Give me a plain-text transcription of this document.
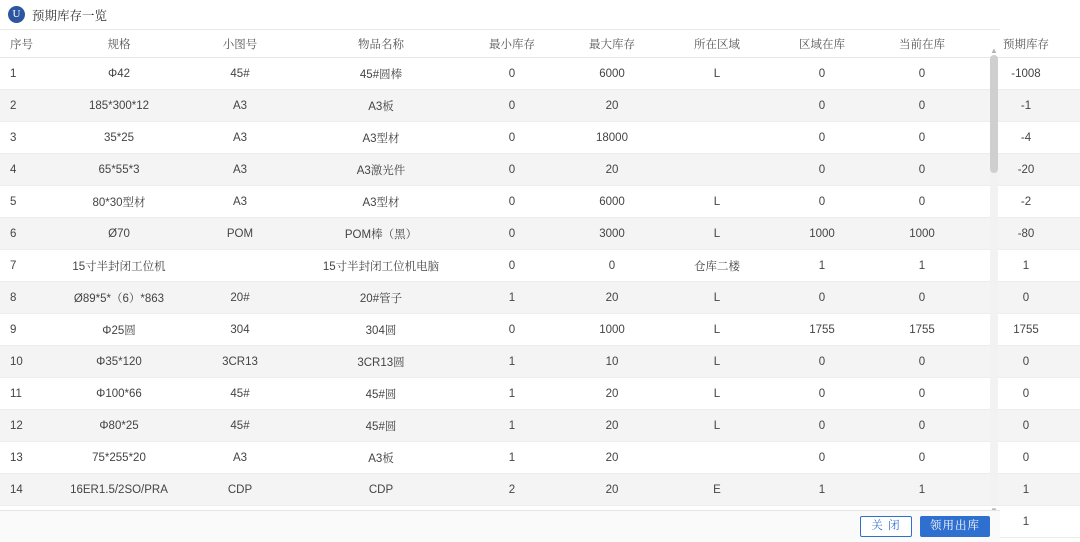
U 预期库存一览
序号	规格	小图号	物品名称	最小库存	最大库存	所在区域	区域在库	当前在库	预期库存
1	Φ42	45#	45#圆棒	0	6000	L	0	0	-1008
2	185*300*12	A3	A3板	0	20		0	0	-1
3	35*25	A3	A3型材	0	18000		0	0	-4
4	65*55*3	A3	A3激光件	0	20		0	0	-20
5	80*30型材	A3	A3型材	0	6000	L	0	0	-2
6	Ø70	POM	POM棒（黑）	0	3000	L	1000	1000	-80
7	15寸半封闭工位机		15寸半封闭工位机电脑	0	0	仓库二楼	1	1	1
8	Ø89*5*（6）*863	20#	20#管子	1	20	L	0	0	0
9	Φ25圆	304	304圆	0	1000	L	1755	1755	1755
10	Φ35*120	3CR13	3CR13圆	1	10	L	0	0	0
11	Φ100*66	45#	45#圆	1	20	L	0	0	0
12	Φ80*25	45#	45#圆	1	20	L	0	0	0
13	75*255*20	A3	A3板	1	20		0	0	0
14	16ER1.5/2SO/PRA	CDP	CDP	2	20	E	1	1	1
									1
▲
关 闭	领用出库
